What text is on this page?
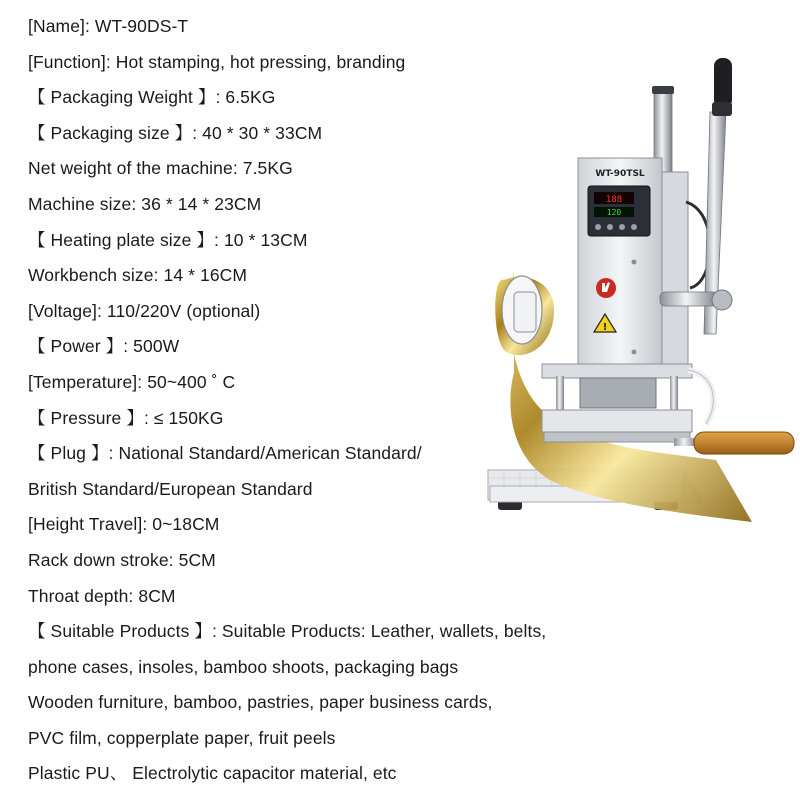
[Name]: WT-90DS-T
[Function]: Hot stamping, hot pressing, branding
【 Packaging Weight 】: 6.5KG
【 Packaging size 】: 40 * 30 * 33CM
Net weight of the machine: 7.5KG
Machine size: 36 * 14 * 23CM
【 Heating plate size 】: 10 * 13CM
Workbench size: 14 * 16CM
[Voltage]: 110/220V (optional)
【 Power 】: 500W
[Temperature]: 50~400 ˚ C
【 Pressure 】: ≤ 150KG
【 Plug 】: National Standard/American Standard/
British Standard/European Standard
[Height Travel]: 0~18CM
Rack down stroke: 5CM
Throat depth: 8CM
【 Suitable Products 】: Suitable Products: Leather, wallets, belts,
phone cases, insoles, bamboo shoots, packaging bags
Wooden furniture, bamboo, pastries, paper business cards,
PVC film, copperplate paper, fruit peels
Plastic PU、 Electrolytic capacitor material, etc
WT-90TSL
188
120
!
